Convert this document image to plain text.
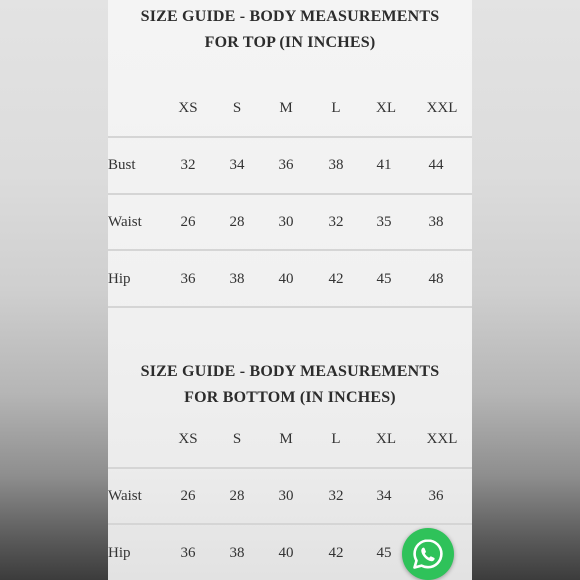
SIZE GUIDE - BODY MEASUREMENTS
FOR TOP (IN INCHES)
XS	S	M	L	XL	XXL
Bust	32	34	36	38	41	44
Waist	26	28	30	32	35	38
Hip	36	38	40	42	45	48
SIZE GUIDE - BODY MEASUREMENTS
FOR BOTTOM (IN INCHES)
XS	S	M	L	XL	XXL
Waist	26	28	30	32	34	36
Hip	36	38	40	42	45
